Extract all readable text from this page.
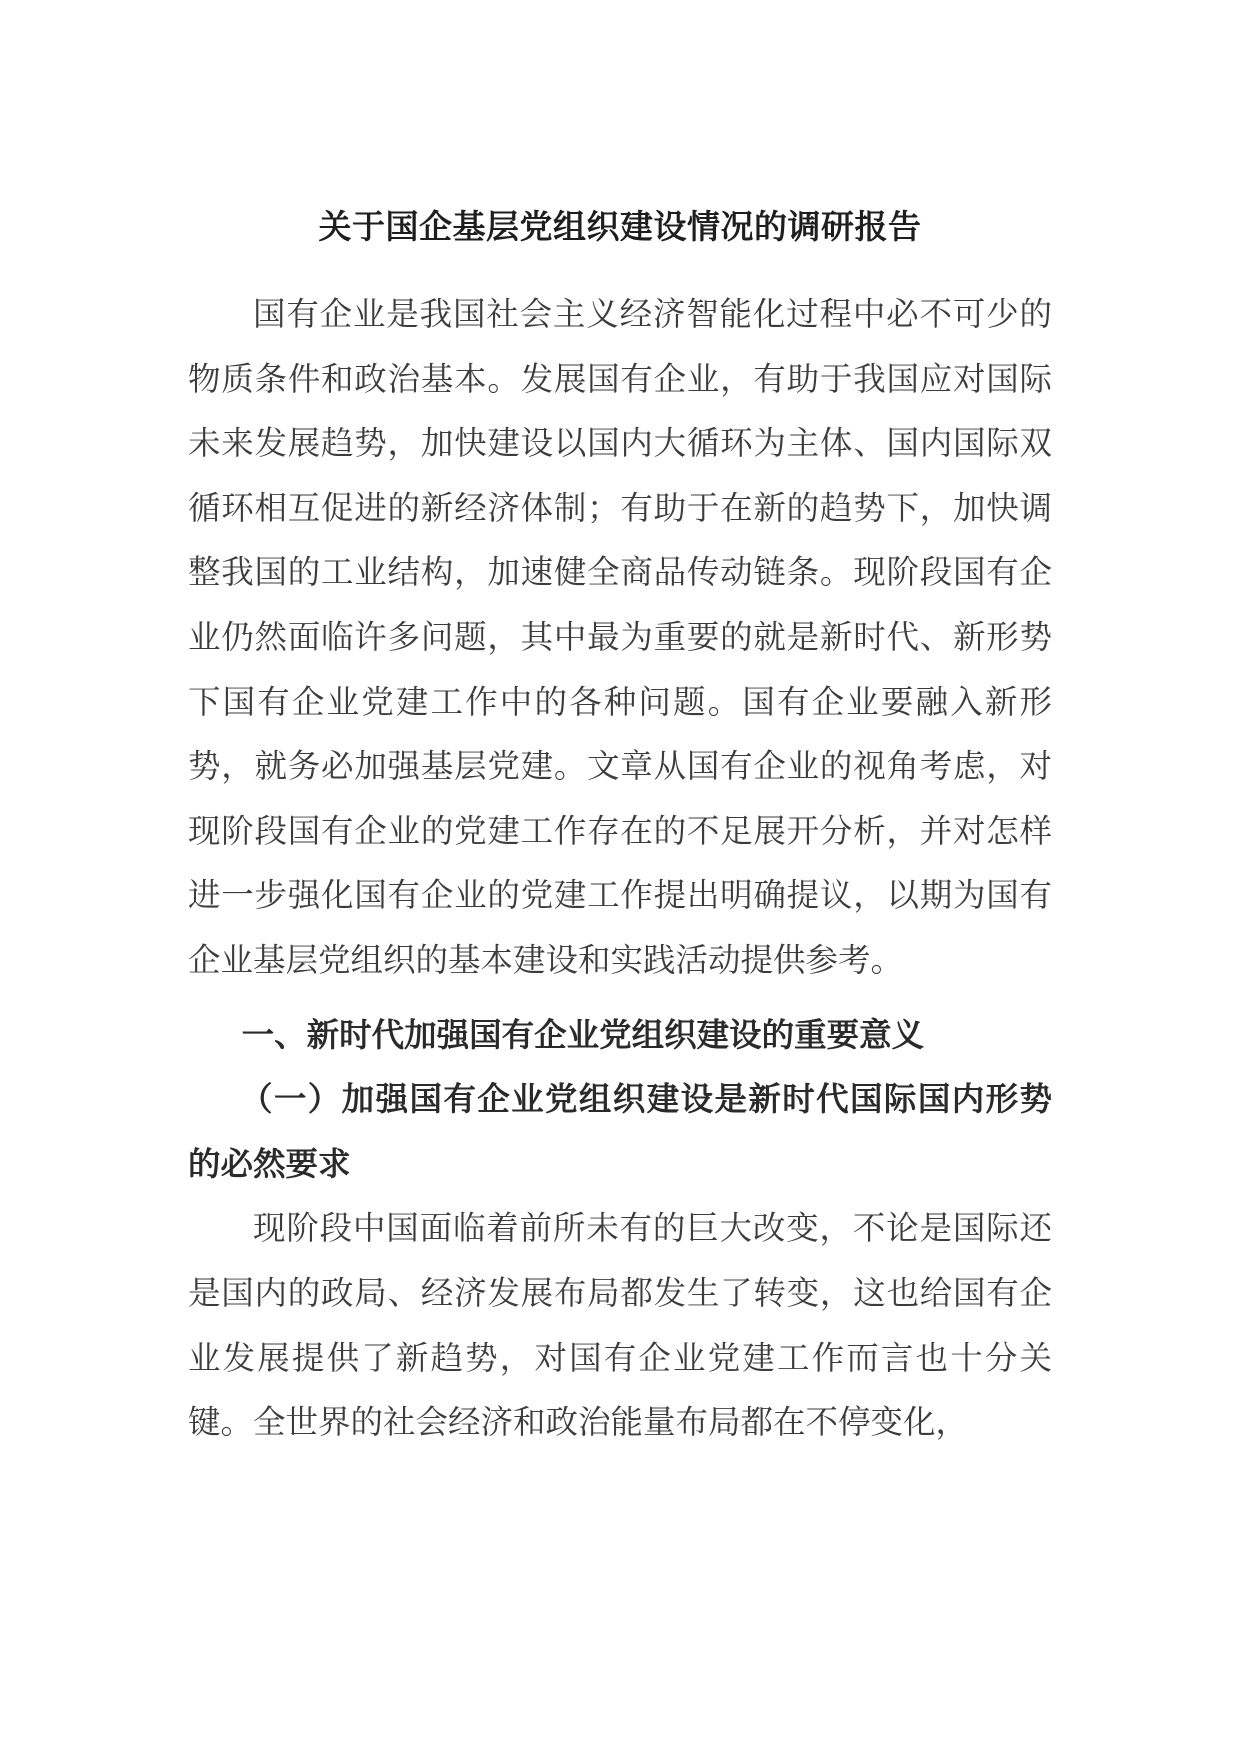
关于国企基层党组织建设情况的调研报告

国有企业是我国社会主义经济智能化过程中必不可少的物质条件和政治基本。发展国有企业，有助于我国应对国际未来发展趋势，加快建设以国内大循环为主体、国内国际双循环相互促进的新经济体制；有助于在新的趋势下，加快调整我国的工业结构，加速健全商品传动链条。现阶段国有企业仍然面临许多问题，其中最为重要的就是新时代、新形势下国有企业党建工作中的各种问题。国有企业要融入新形势，就务必加强基层党建。文章从国有企业的视角考虑，对现阶段国有企业的党建工作存在的不足展开分析，并对怎样进一步强化国有企业的党建工作提出明确提议，以期为国有企业基层党组织的基本建设和实践活动提供参考。

一、新时代加强国有企业党组织建设的重要意义

（一）加强国有企业党组织建设是新时代国际国内形势的必然要求

现阶段中国面临着前所未有的巨大改变，不论是国际还是国内的政局、经济发展布局都发生了转变，这也给国有企业发展提供了新趋势，对国有企业党建工作而言也十分关键。全世界的社会经济和政治能量布局都在不停变化，
